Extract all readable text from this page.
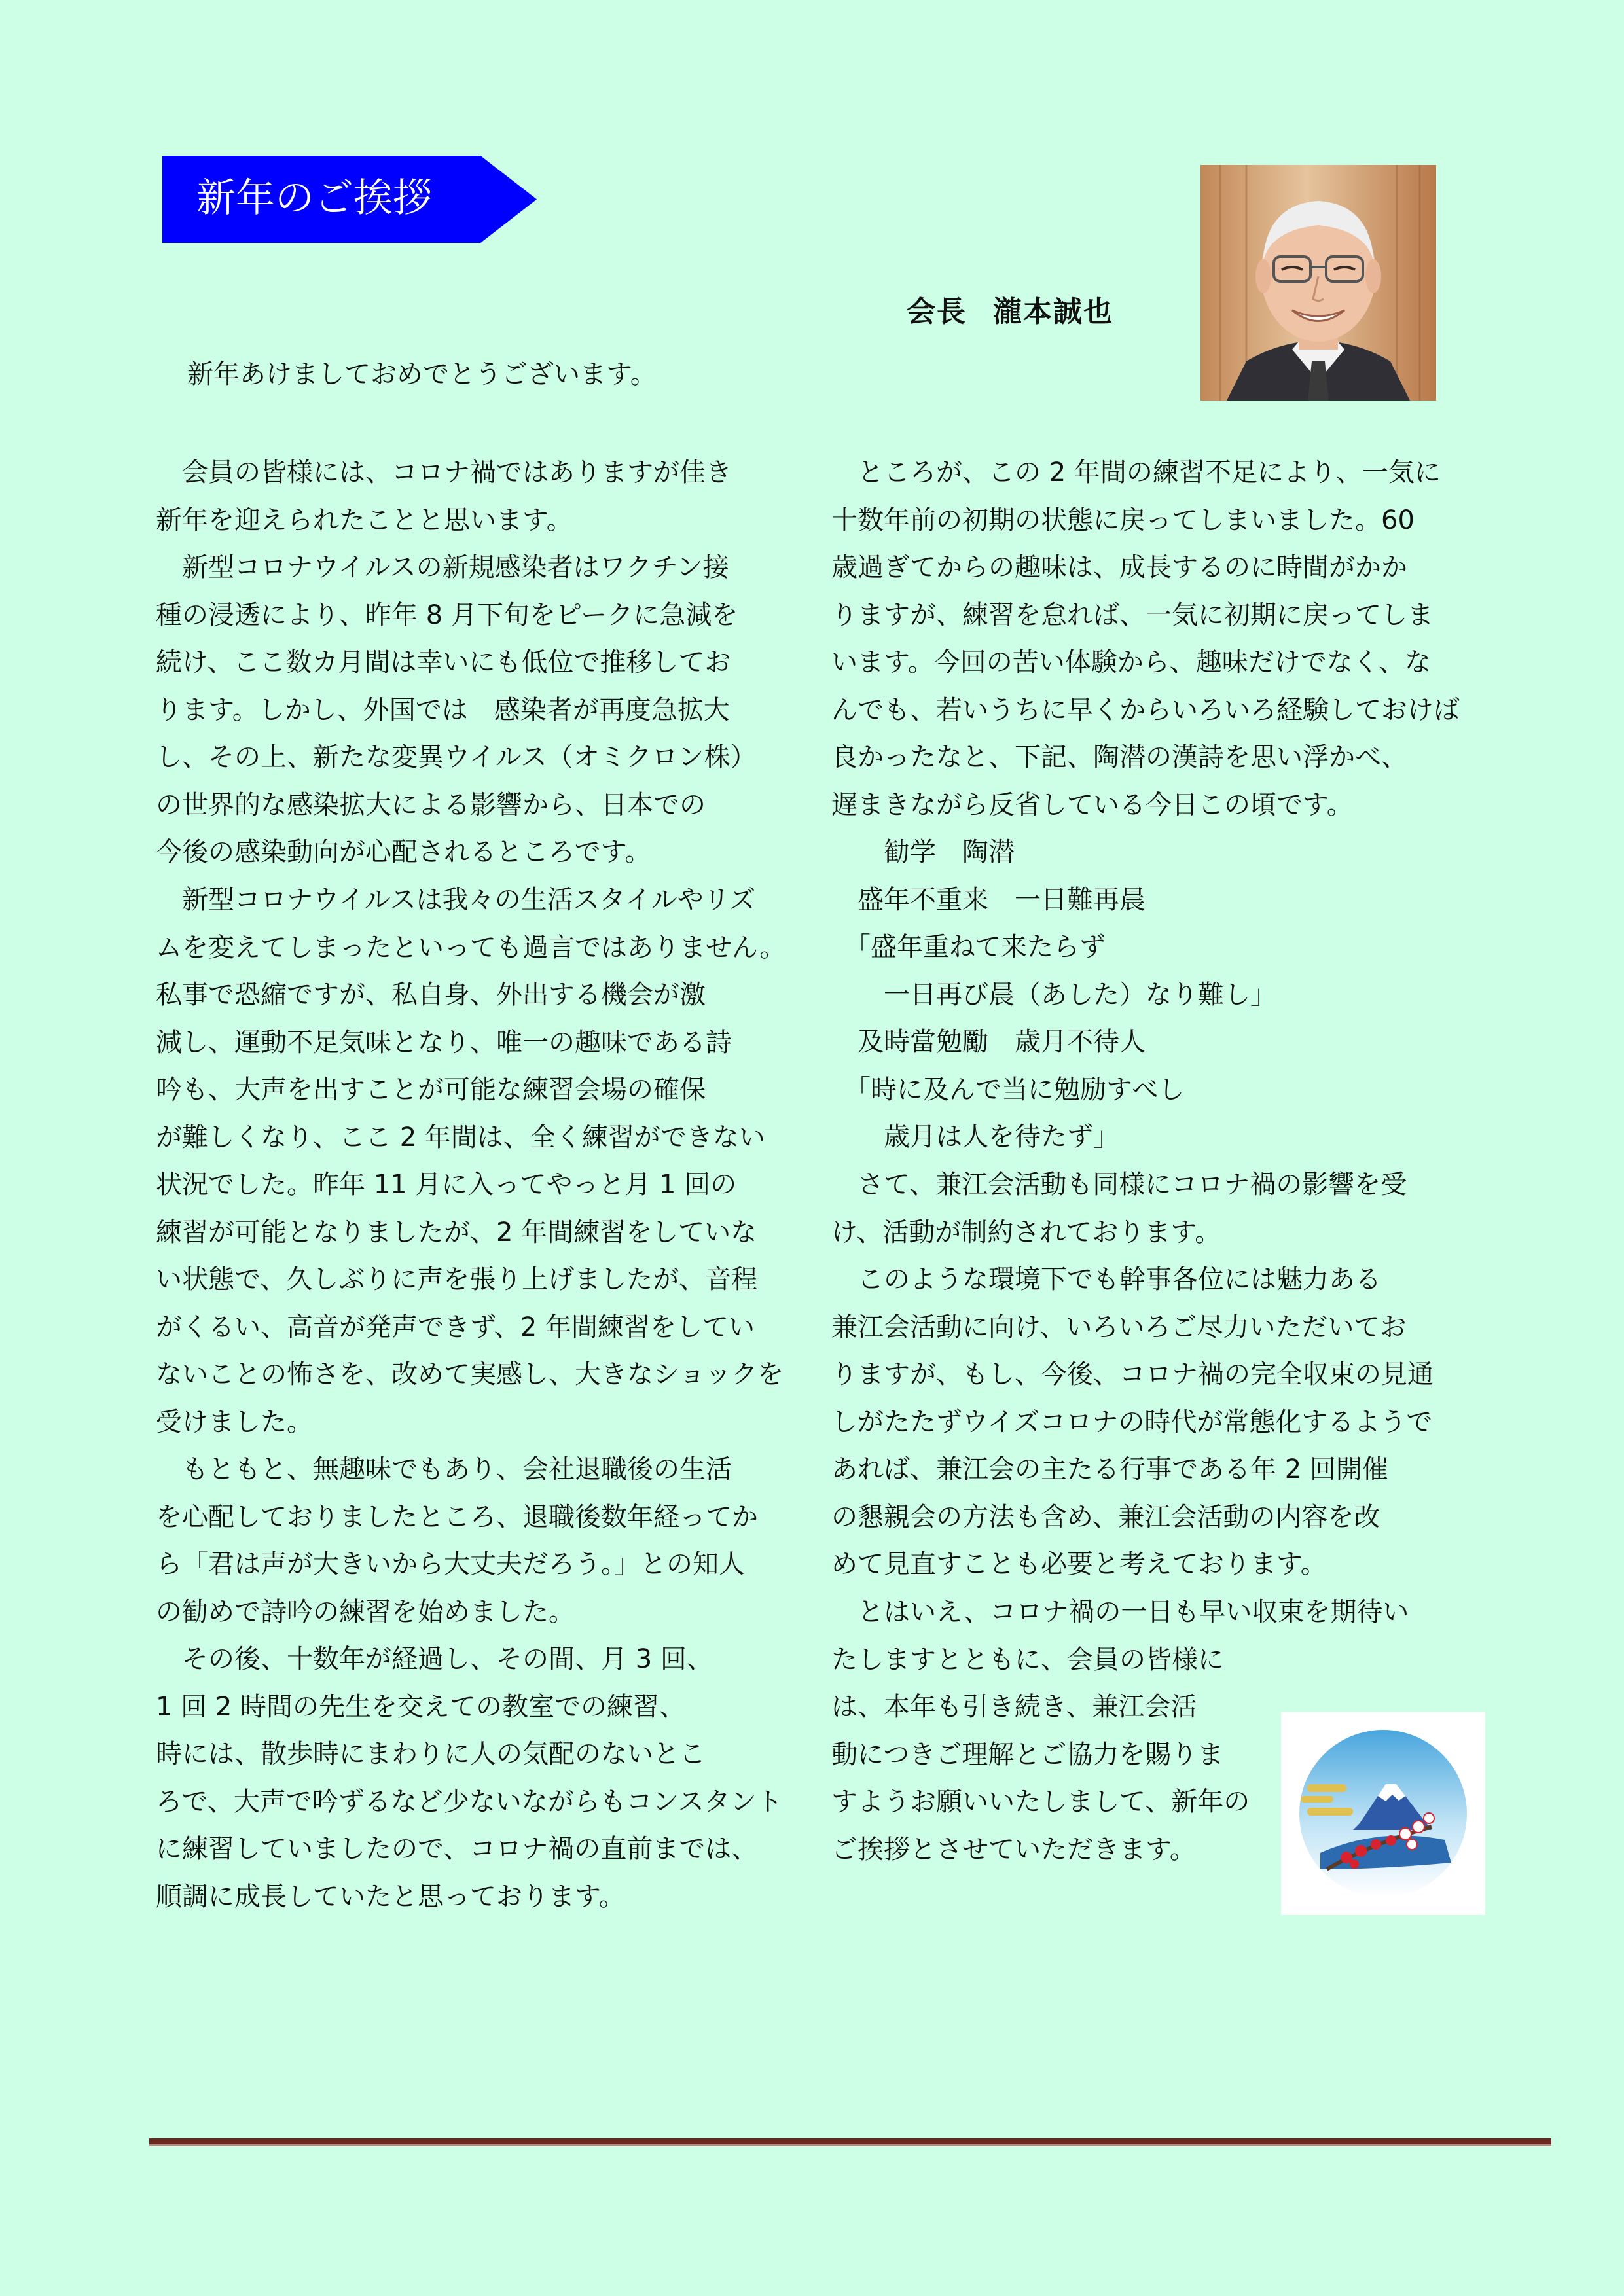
新年のご挨拶
会長 瀧本誠也

新年あけましておめでとうございます。

　会員の皆様には、コロナ禍ではありますが佳き
新年を迎えられたことと思います。

　新型コロナウイルスの新規感染者はワクチン接
種の浸透により、昨年 8 月下旬をピークに急減を
続け、ここ数カ月間は幸いにも低位で推移してお
ります。しかし、外国では　感染者が再度急拡大
し、その上、新たな変異ウイルス（オミクロン株）
の世界的な感染拡大による影響から、日本での
今後の感染動向が心配されるところです。

　新型コロナウイルスは我々の生活スタイルやリズ
ムを変えてしまったといっても過言ではありません。
私事で恐縮ですが、私自身、外出する機会が激
減し、運動不足気味となり、唯一の趣味である詩
吟も、大声を出すことが可能な練習会場の確保
が難しくなり、ここ 2 年間は、全く練習ができない
状況でした。昨年 11 月に入ってやっと月 1 回の
練習が可能となりましたが、2 年間練習をしていな
い状態で、久しぶりに声を張り上げましたが、音程
がくるい、高音が発声できず、2 年間練習をしてい
ないことの怖さを、改めて実感し、大きなショックを
受けました。

　もともと、無趣味でもあり、会社退職後の生活
を心配しておりましたところ、退職後数年経ってか
ら「君は声が大きいから大丈夫だろう。」との知人
の勧めで詩吟の練習を始めました。

　その後、十数年が経過し、その間、月 3 回、
1 回 2 時間の先生を交えての教室での練習、
時には、散歩時にまわりに人の気配のないとこ
ろで、大声で吟ずるなど少ないながらもコンスタント
に練習していましたので、コロナ禍の直前までは、
順調に成長していたと思っております。

　ところが、この 2 年間の練習不足により、一気に
十数年前の初期の状態に戻ってしまいました。60
歳過ぎてからの趣味は、成長するのに時間がかか
りますが、練習を怠れば、一気に初期に戻ってしま
います。今回の苦い体験から、趣味だけでなく、な
んでも、若いうちに早くからいろいろ経験しておけば
良かったなと、下記、陶潜の漢詩を思い浮かべ、
遅まきながら反省している今日この頃です。

　　勧学　陶潜
　盛年不重来　一日難再晨
　「盛年重ねて来たらず
　　一日再び晨（あした）なり難し」
　及時當勉勵　歳月不待人
　「時に及んで当に勉励すべし
　　歳月は人を待たず」

　さて、兼江会活動も同様にコロナ禍の影響を受
け、活動が制約されております。

　このような環境下でも幹事各位には魅力ある
兼江会活動に向け、いろいろご尽力いただいてお
りますが、もし、今後、コロナ禍の完全収束の見通
しがたたずウイズコロナの時代が常態化するようで
あれば、兼江会の主たる行事である年 2 回開催
の懇親会の方法も含め、兼江会活動の内容を改
めて見直すことも必要と考えております。

　とはいえ、コロナ禍の一日も早い収束を期待い
たしますとともに、会員の皆様に
は、本年も引き続き、兼江会活
動につきご理解とご協力を賜りま
すようお願いいたしまして、新年の
ご挨拶とさせていただきます。
